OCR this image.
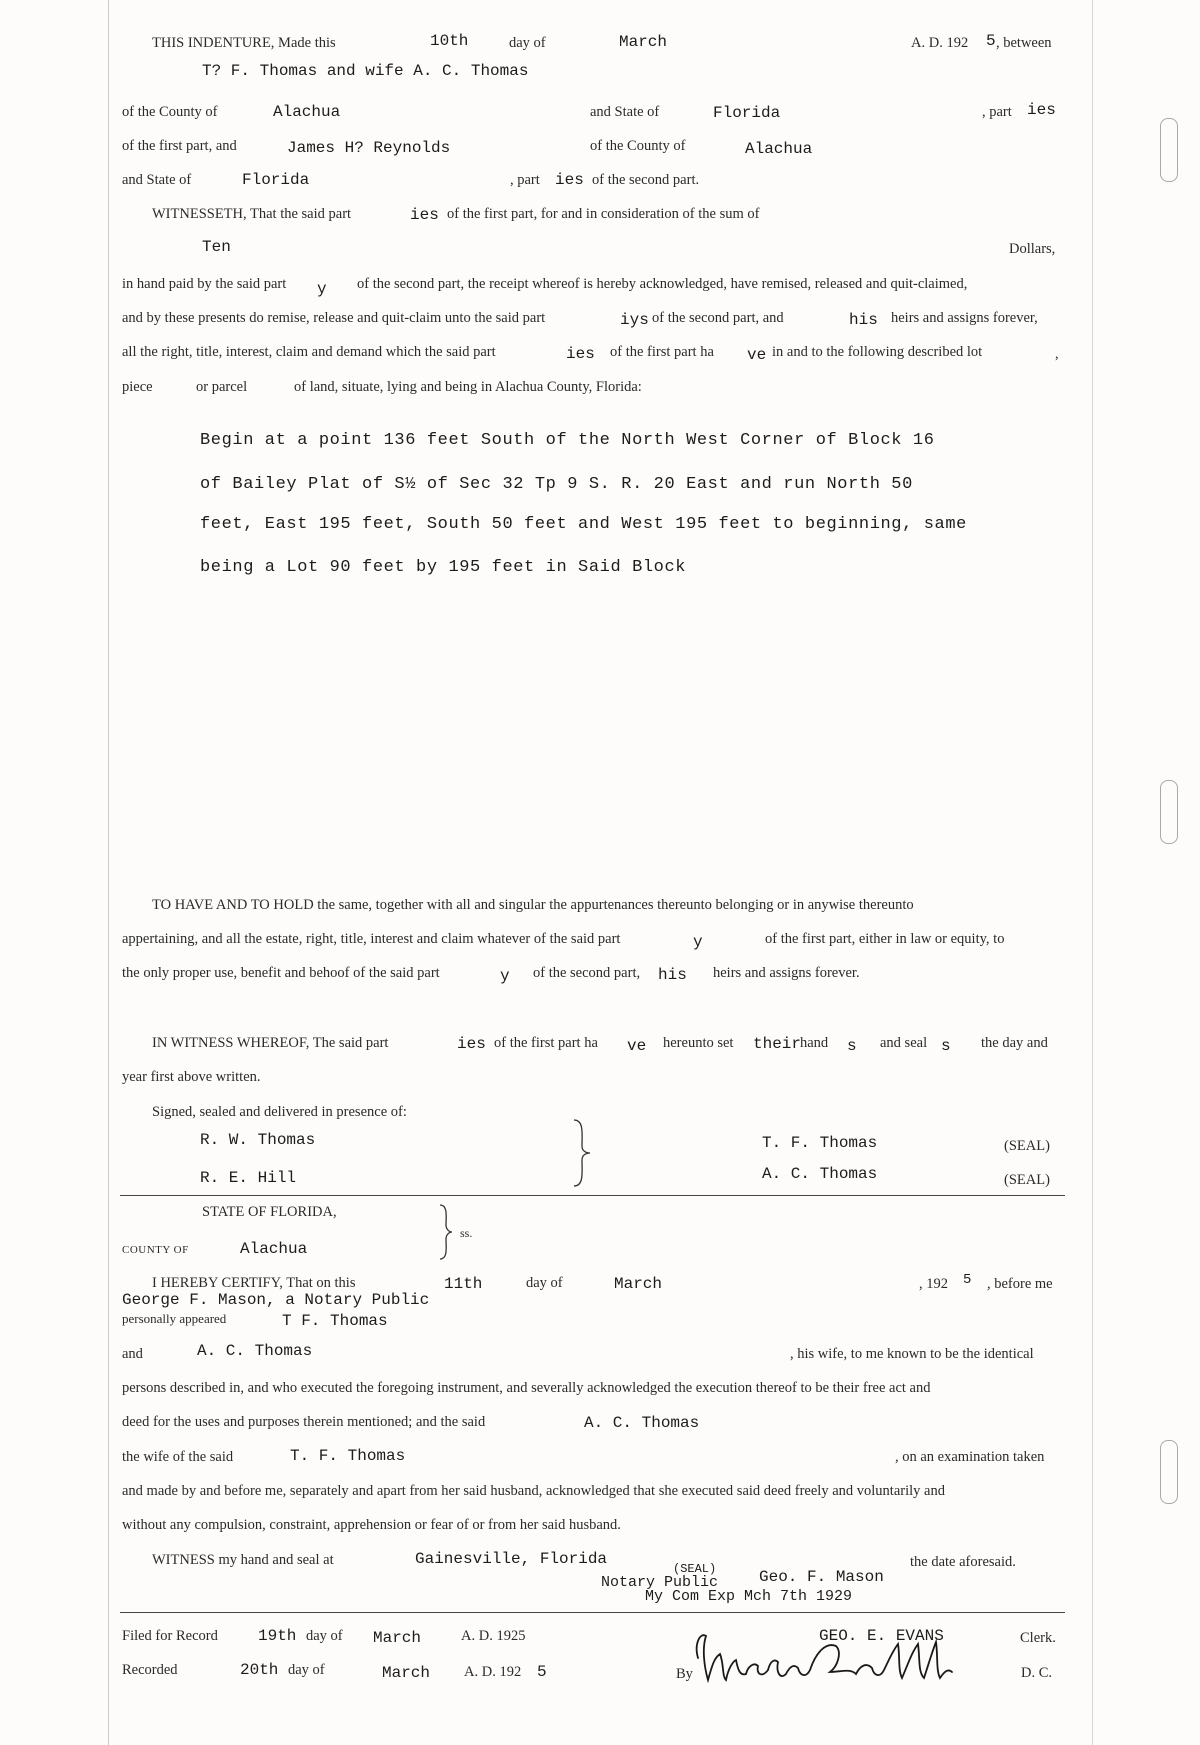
THIS INDENTURE, Made this	10th	day of	March	A. D. 192 5 , between
T? F. Thomas and wife A. C. Thomas
of the County of	Alachua	and State of	Florida	, part ies
of the first part, and	James H? Reynolds	of the County of	Alachua
and State of	Florida	, part ies of the second part.
WITNESSETH, That the said part	ies of the first part, for and in consideration of the sum of
Ten	Dollars,
in hand paid by the said part y of the second part, the receipt whereof is hereby acknowledged, have remised, released and quit-claimed,
and by these presents do remise, release and quit-claim unto the said part	iys of the second part, and	his heirs and assigns forever,
all the right, title, interest, claim and demand which the said part	ies of the first part ha ve in and to the following described lot	,
piece	or parcel	of land, situate, lying and being in Alachua County, Florida:
Begin at a point 136 feet South of the North West Corner of Block 16
of Bailey Plat of S½ of Sec 32 Tp 9 S. R. 20 East and run North 50
feet, East 195 feet, South 50 feet and West 195 feet to beginning, same
being a Lot 90 feet by 195 feet in Said Block
TO HAVE AND TO HOLD the same, together with all and singular the appurtenances thereunto belonging or in anywise thereunto
appertaining, and all the estate, right, title, interest and claim whatever of the said part	y	of the first part, either in law or equity, to
the only proper use, benefit and behoof of the said part	y of the second part, his heirs and assigns forever.
IN WITNESS WHEREOF, The said part	ies of the first part ha ve hereunto set their
hand s and seal s the day and
year first above written.
Signed, sealed and delivered in presence of:
R. W. Thomas
R. E. Hill
T. F. Thomas	(SEAL)
A. C. Thomas	(SEAL)
STATE OF FLORIDA,
COUNTY OF	Alachua
ss.
I HEREBY CERTIFY, That on this	11th	day of	March	, 192 5 , before me
George F. Mason, a Notary Public
personally appeared	T F. Thomas
and	A. C. Thomas	, his wife, to me known to be the identical
persons described in, and who executed the foregoing instrument, and severally acknowledged the execution thereof to be their free act and
deed for the uses and purposes therein mentioned; and the said	A. C. Thomas
the wife of the said	T. F. Thomas	, on an examination taken
and made by and before me, separately and apart from her said husband, acknowledged that she executed said deed freely and voluntarily and
without any compulsion, constraint, apprehension or fear of or from her said husband.
WITNESS my hand and seal at	Gainesville, Florida	the date aforesaid.
Notary Public
(SEAL)	Geo. F. Mason
My Com Exp Mch 7th 1929
Filed for Record	19th day of March	A. D. 1925
Recorded	20th day of	March A. D. 192 5
GEO. E. EVANS	Clerk.
By	D. C.
